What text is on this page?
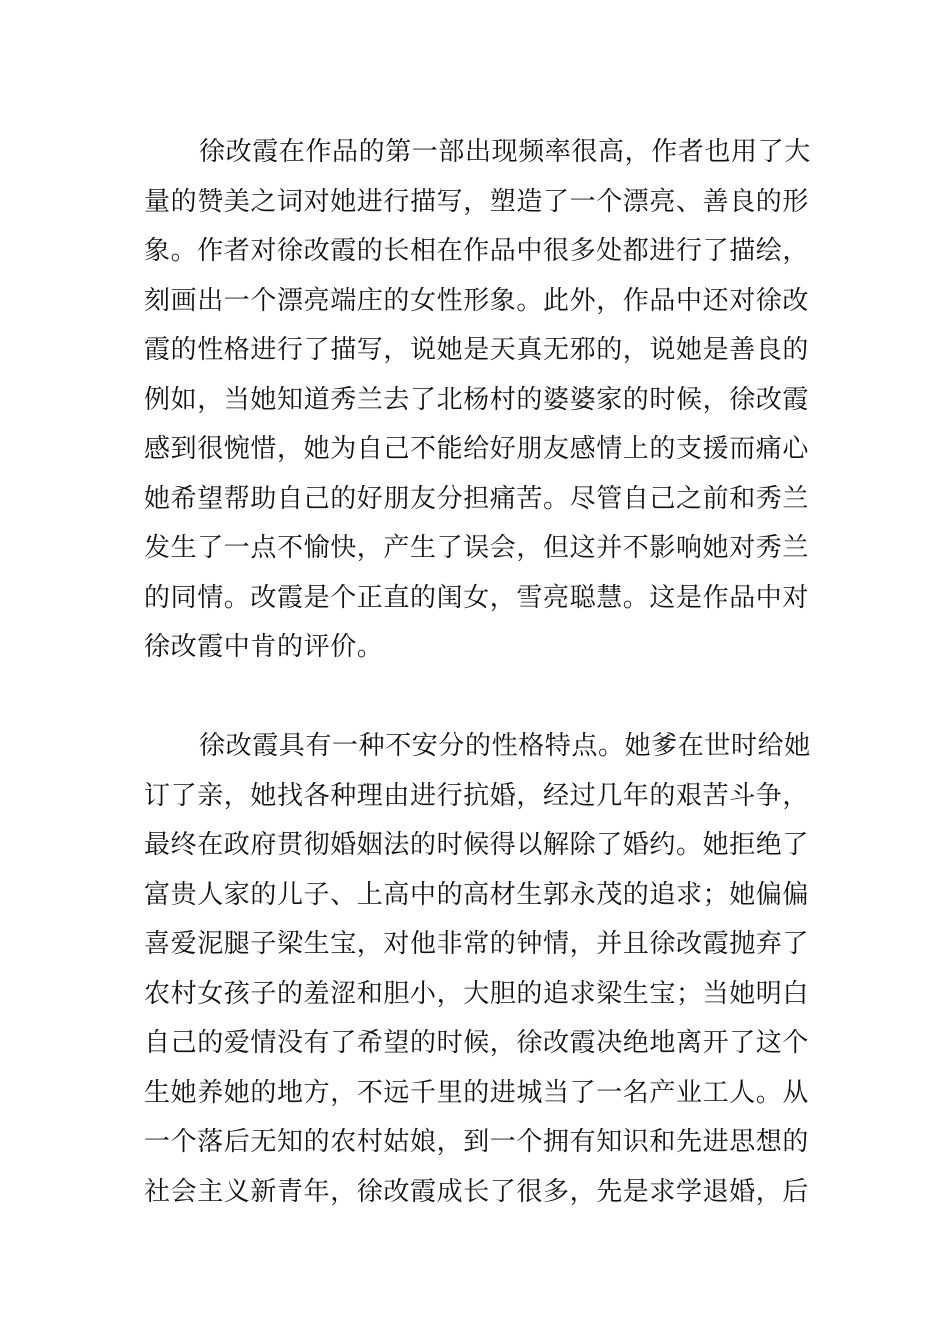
徐改霞在作品的第一部出现频率很高，作者也用了大
量的赞美之词对她进行描写，塑造了一个漂亮、善良的形
象。作者对徐改霞的长相在作品中很多处都进行了描绘，
刻画出一个漂亮端庄的女性形象。此外，作品中还对徐改
霞的性格进行了描写，说她是天真无邪的，说她是善良的
例如，当她知道秀兰去了北杨村的婆婆家的时候，徐改霞
感到很惋惜，她为自己不能给好朋友感情上的支援而痛心
她希望帮助自己的好朋友分担痛苦。尽管自己之前和秀兰
发生了一点不愉快，产生了误会，但这并不影响她对秀兰
的同情。改霞是个正直的闺女，雪亮聪慧。这是作品中对
徐改霞中肯的评价。
徐改霞具有一种不安分的性格特点。她爹在世时给她
订了亲，她找各种理由进行抗婚，经过几年的艰苦斗争，
最终在政府贯彻婚姻法的时候得以解除了婚约。她拒绝了
富贵人家的儿子、上高中的高材生郭永茂的追求；她偏偏
喜爱泥腿子梁生宝，对他非常的钟情，并且徐改霞抛弃了
农村女孩子的羞涩和胆小，大胆的追求梁生宝；当她明白
自己的爱情没有了希望的时候，徐改霞决绝地离开了这个
生她养她的地方，不远千里的进城当了一名产业工人。从
一个落后无知的农村姑娘，到一个拥有知识和先进思想的
社会主义新青年，徐改霞成长了很多，先是求学退婚，后
